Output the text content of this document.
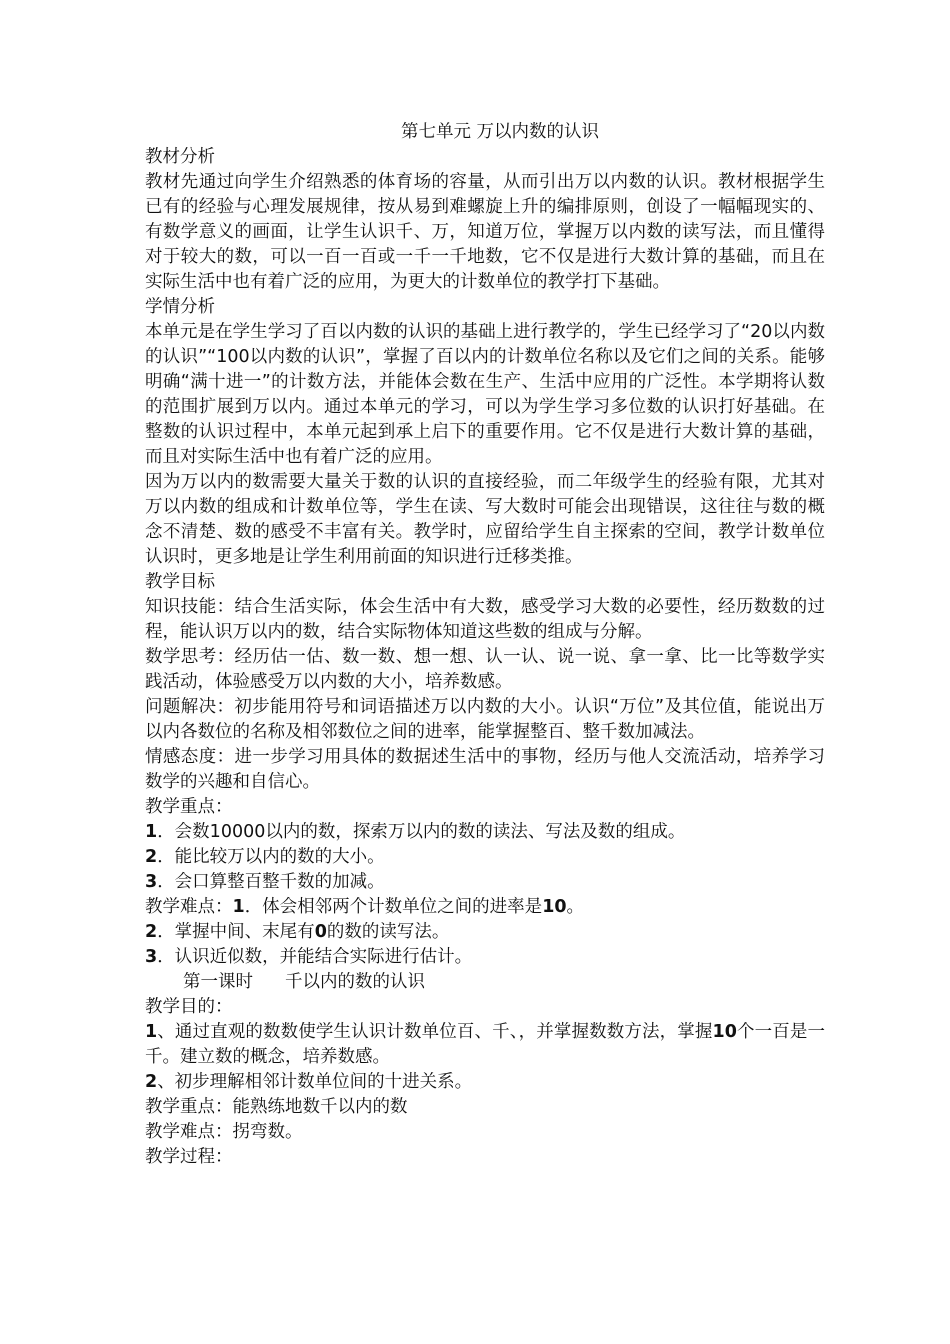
第七单元 万以内数的认识

教材分析

教材先通过向学生介绍熟悉的体育场的容量，从而引出万以内数的认识。教材根据学生已有的经验与心理发展规律，按从易到难螺旋上升的编排原则，创设了一幅幅现实的、有数学意义的画面，让学生认识千、万，知道万位，掌握万以内数的读写法，而且懂得对于较大的数，可以一百一百或一千一千地数，它不仅是进行大数计算的基础，而且在实际生活中也有着广泛的应用，为更大的计数单位的教学打下基础。

学情分析

本单元是在学生学习了百以内数的认识的基础上进行教学的，学生已经学习了“20以内数的认识”“100以内数的认识”，掌握了百以内的计数单位名称以及它们之间的关系。能够明确“满十进一”的计数方法，并能体会数在生产、生活中应用的广泛性。本学期将认数的范围扩展到万以内。通过本单元的学习，可以为学生学习多位数的认识打好基础。在整数的认识过程中，本单元起到承上启下的重要作用。它不仅是进行大数计算的基础，而且对实际生活中也有着广泛的应用。

因为万以内的数需要大量关于数的认识的直接经验，而二年级学生的经验有限，尤其对万以内数的组成和计数单位等，学生在读、写大数时可能会出现错误，这往往与数的概念不清楚、数的感受不丰富有关。教学时，应留给学生自主探索的空间，教学计数单位认识时，更多地是让学生利用前面的知识进行迁移类推。

教学目标

知识技能：结合生活实际，体会生活中有大数，感受学习大数的必要性，经历数数的过程，能认识万以内的数，结合实际物体知道这些数的组成与分解。

数学思考：经历估一估、数一数、想一想、认一认、说一说、拿一拿、比一比等数学实践活动，体验感受万以内数的大小，培养数感。

问题解决：初步能用符号和词语描述万以内数的大小。认识“万位”及其位值，能说出万以内各数位的名称及相邻数位之间的进率，能掌握整百、整千数加减法。

情感态度：进一步学习用具体的数据述生活中的事物，经历与他人交流活动，培养学习数学的兴趣和自信心。

教学重点：

1．会数10000以内的数，探索万以内的数的读法、写法及数的组成。

2．能比较万以内的数的大小。

3．会口算整百整千数的加减。

教学难点：1．体会相邻两个计数单位之间的进率是10。

2．掌握中间、末尾有0的数的读写法。

3．认识近似数，并能结合实际进行估计。

第一课时 千以内的数的认识

教学目的：

1、通过直观的数数使学生认识计数单位百、千、，并掌握数数方法，掌握10个一百是一千。建立数的概念，培养数感。

2、初步理解相邻计数单位间的十进关系。

教学重点：能熟练地数千以内的数

教学难点：拐弯数。

教学过程：
